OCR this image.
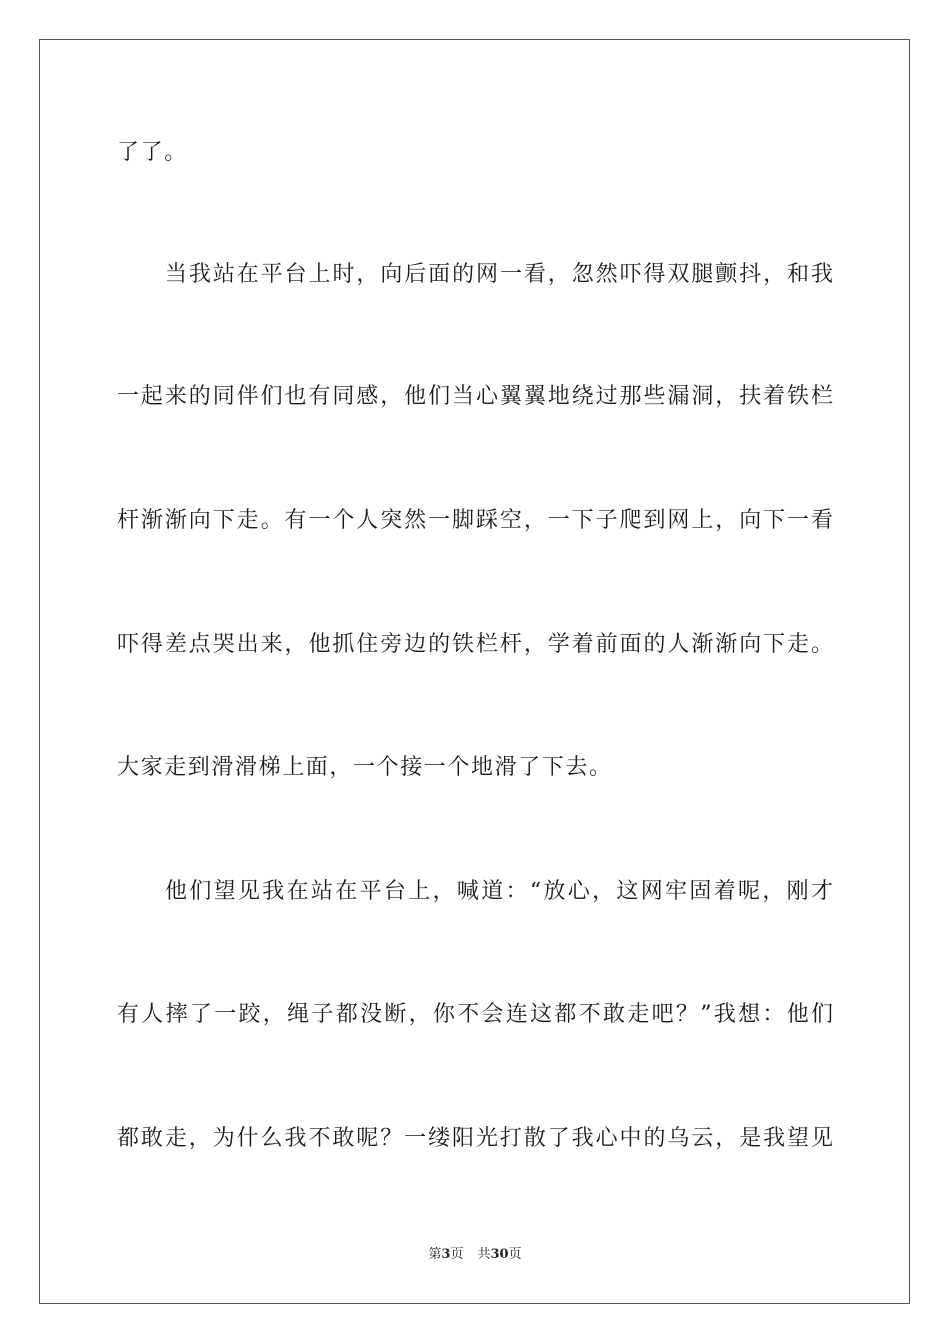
了了。
当我站在平台上时，向后面的网一看，忽然吓得双腿颤抖，和我
一起来的同伴们也有同感，他们当心翼翼地绕过那些漏洞，扶着铁栏
杆渐渐向下走。有一个人突然一脚踩空，一下子爬到网上，向下一看
吓得差点哭出来，他抓住旁边的铁栏杆，学着前面的人渐渐向下走。
大家走到滑滑梯上面，一个接一个地滑了下去。
他们望见我在站在平台上，喊道：“放心，这网牢固着呢，刚才
有人摔了一跤，绳子都没断，你不会连这都不敢走吧？”我想：他们
都敢走，为什么我不敢呢？一缕阳光打散了我心中的乌云，是我望见
第3页 共30页
